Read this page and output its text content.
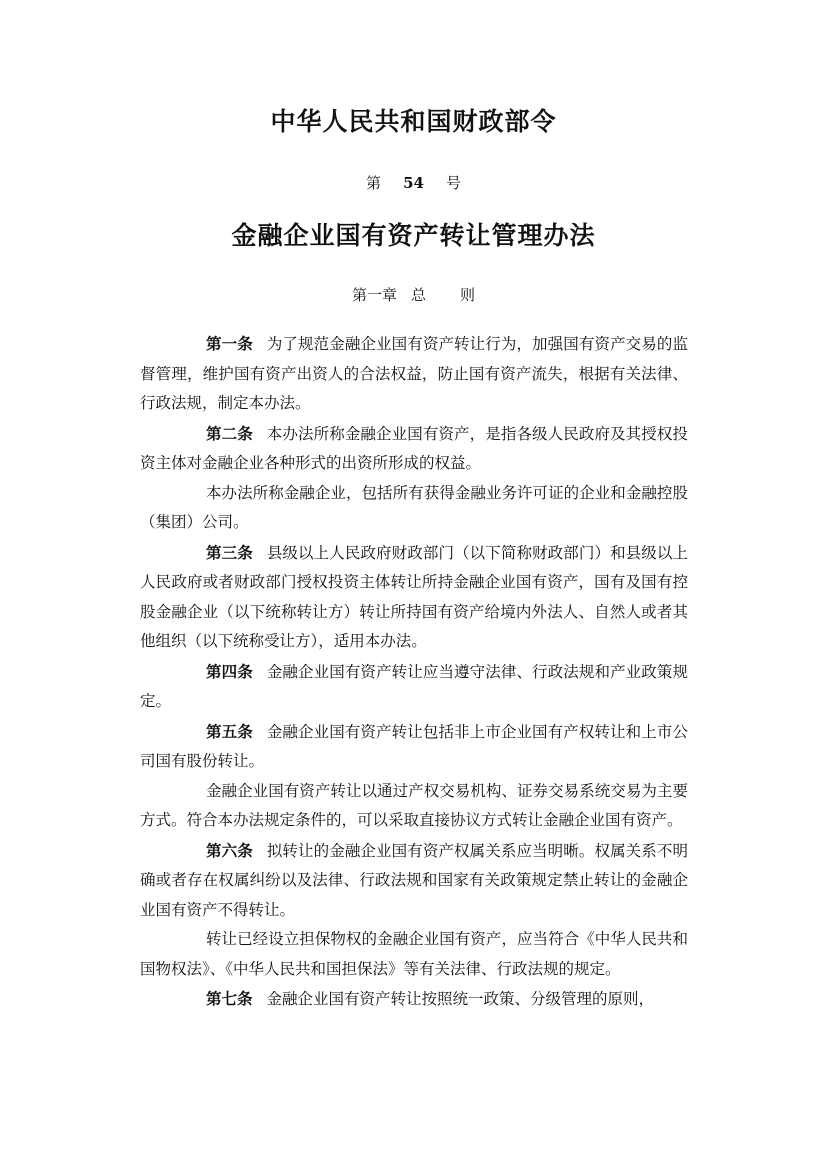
中华人民共和国财政部令
第 54 号
金融企业国有资产转让管理办法
第一章 总 则

第一条 为了规范金融企业国有资产转让行为，加强国有资产交易的监督管理，维护国有资产出资人的合法权益，防止国有资产流失，根据有关法律、行政法规，制定本办法。

第二条 本办法所称金融企业国有资产，是指各级人民政府及其授权投资主体对金融企业各种形式的出资所形成的权益。

本办法所称金融企业，包括所有获得金融业务许可证的企业和金融控股（集团）公司。

第三条 县级以上人民政府财政部门（以下简称财政部门）和县级以上人民政府或者财政部门授权投资主体转让所持金融企业国有资产，国有及国有控股金融企业（以下统称转让方）转让所持国有资产给境内外法人、自然人或者其他组织（以下统称受让方），适用本办法。

第四条 金融企业国有资产转让应当遵守法律、行政法规和产业政策规定。

第五条 金融企业国有资产转让包括非上市企业国有产权转让和上市公司国有股份转让。

金融企业国有资产转让以通过产权交易机构、证券交易系统交易为主要方式。符合本办法规定条件的，可以采取直接协议方式转让金融企业国有资产。

第六条 拟转让的金融企业国有资产权属关系应当明晰。权属关系不明确或者存在权属纠纷以及法律、行政法规和国家有关政策规定禁止转让的金融企业国有资产不得转让。

转让已经设立担保物权的金融企业国有资产，应当符合《中华人民共和国物权法》、《中华人民共和国担保法》等有关法律、行政法规的规定。

第七条 金融企业国有资产转让按照统一政策、分级管理的原则，
